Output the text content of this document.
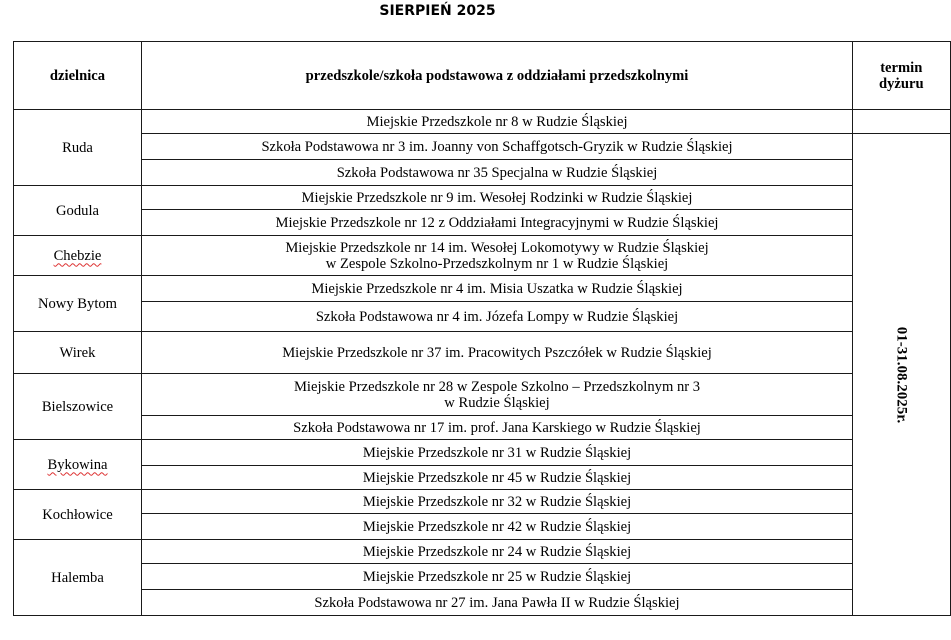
SIERPIEŃ 2025
dzielnica	przedszkole/szkoła podstawowa z oddziałami przedszkolnymi	termin
dyżuru
Ruda	Miejskie Przedszkole nr 8 w Rudzie Śląskiej	
	Szkoła Podstawowa nr 3 im. Joanny von Schaffgotsch-Gryzik w Rudzie Śląskiej	01-31.08.2025r.
	Szkoła Podstawowa nr 35 Specjalna w Rudzie Śląskiej	
Godula	Miejskie Przedszkole nr 9 im. Wesołej Rodzinki w Rudzie Śląskiej	
	Miejskie Przedszkole nr 12 z Oddziałami Integracyjnymi w Rudzie Śląskiej	
Chebzie	Miejskie Przedszkole nr 14 im. Wesołej Lokomotywy w Rudzie Śląskiej
w Zespole Szkolno-Przedszkolnym nr 1 w Rudzie Śląskiej	
Nowy Bytom	Miejskie Przedszkole nr 4 im. Misia Uszatka w Rudzie Śląskiej	
	Szkoła Podstawowa nr 4 im. Józefa Lompy w Rudzie Śląskiej	
Wirek	Miejskie Przedszkole nr 37 im. Pracowitych Pszczółek w Rudzie Śląskiej	
Bielszowice	Miejskie Przedszkole nr 28 w Zespole Szkolno – Przedszkolnym nr 3
w Rudzie Śląskiej	
	Szkoła Podstawowa nr 17 im. prof. Jana Karskiego w Rudzie Śląskiej	
Bykowina	Miejskie Przedszkole nr 31 w Rudzie Śląskiej	
	Miejskie Przedszkole nr 45 w Rudzie Śląskiej	
Kochłowice	Miejskie Przedszkole nr 32 w Rudzie Śląskiej	
	Miejskie Przedszkole nr 42 w Rudzie Śląskiej	
Halemba	Miejskie Przedszkole nr 24 w Rudzie Śląskiej	
	Miejskie Przedszkole nr 25 w Rudzie Śląskiej	
	Szkoła Podstawowa nr 27 im. Jana Pawła II w Rudzie Śląskiej	
